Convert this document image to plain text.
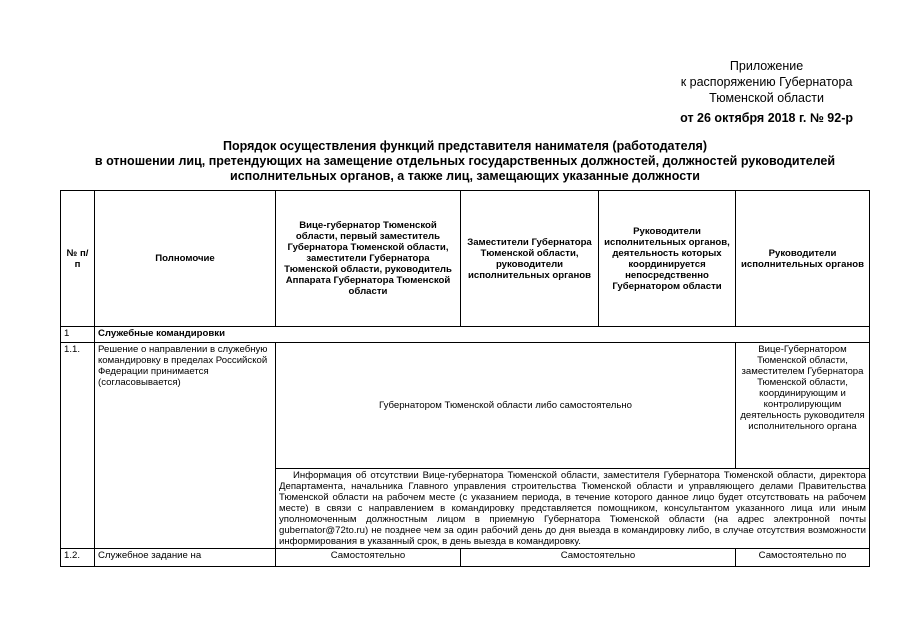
Приложение
к распоряжению Губернатора
Тюменской области
от 26 октября 2018 г. № 92-р
Порядок осуществления функций представителя нанимателя (работодателя)
в отношении лиц, претендующих на замещение отдельных государственных должностей, должностей руководителей
исполнительных органов, а также лиц, замещающих указанные должности
№ п/п	Полномочие	Вице-губернатор Тюменской области, первый заместитель Губернатора Тюменской области, заместители Губернатора Тюменской области, руководитель Аппарата Губернатора Тюменской области	Заместители Губернатора Тюменской области, руководители исполнительных органов	Руководители исполнительных органов, деятельность которых координируется непосредственно Губернатором области	Руководители исполнительных органов
1	Служебные командировки				
1.1.	Решение о направлении в служебную командировку в пределах Российской Федерации принимается (согласовывается)	Губернатором Тюменской области либо самостоятельно			Вице-Губернатором Тюменской области, заместителем Губернатора Тюменской области, координирующим и контролирующим деятельность руководителя исполнительного органа
		Информация об отсутствии Вице-губернатора Тюменской области, заместителя Губернатора Тюменской области, директора Департамента, начальника Главного управления строительства Тюменской области и управляющего делами Правительства Тюменской области на рабочем месте (с указанием периода, в течение которого данное лицо будет отсутствовать на рабочем месте) в связи с направлением в командировку представляется помощником, консультантом указанного лица или иным уполномоченным должностным лицом в приемную Губернатора Тюменской области (на адрес электронной почты gubernator@72to.ru) не позднее чем за один рабочий день до дня выезда в командировку либо, в случае отсутствия возможности информирования в указанный срок, в день выезда в командировку.			
1.2.	Служебное задание на	Самостоятельно	Самостоятельно		Самостоятельно по
